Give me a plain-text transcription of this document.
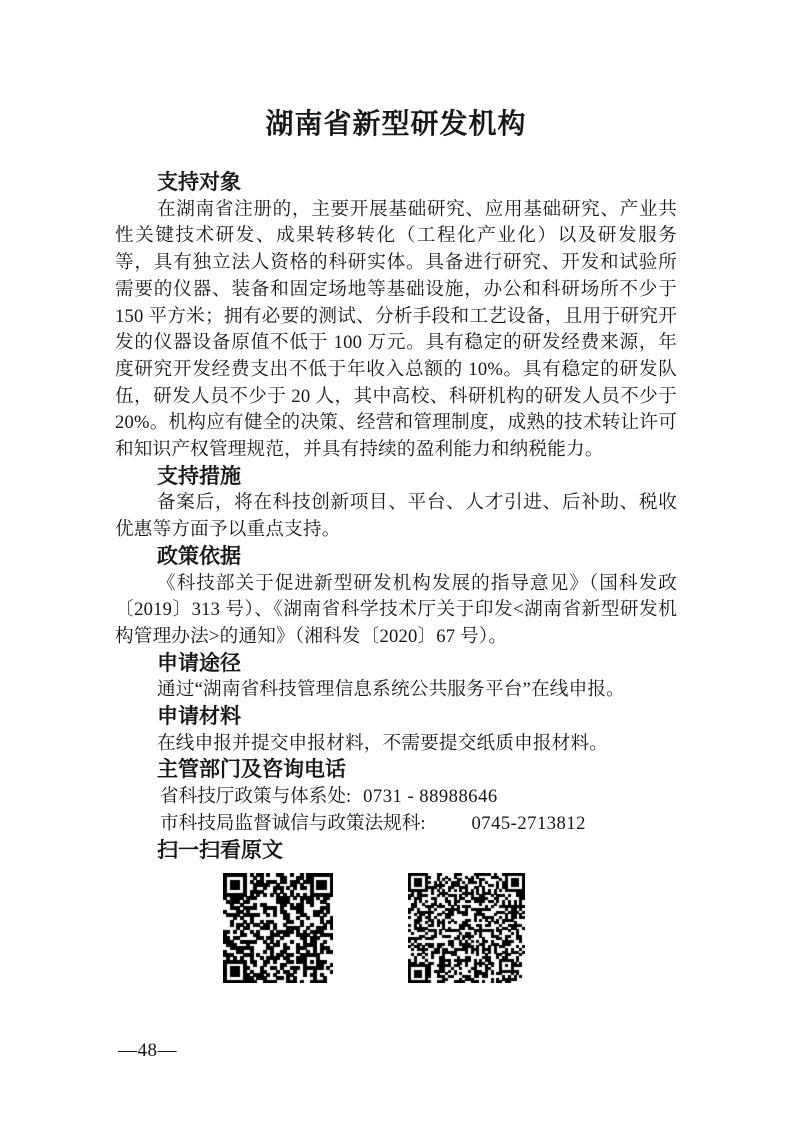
湖南省新型研发机构
支持对象

在湖南省注册的，主要开展基础研究、应用基础研究、产业共性关键技术研发、成果转移转化（工程化产业化）以及研发服务等，具有独立法人资格的科研实体。具备进行研究、开发和试验所需要的仪器、装备和固定场地等基础设施，办公和科研场所不少于 150 平方米；拥有必要的测试、分析手段和工艺设备，且用于研究开发的仪器设备原值不低于 100 万元。具有稳定的研发经费来源，年度研究开发经费支出不低于年收入总额的 10%。具有稳定的研发队伍，研发人员不少于 20 人，其中高校、科研机构的研发人员不少于 20%。机构应有健全的决策、经营和管理制度，成熟的技术转让许可和知识产权管理规范，并具有持续的盈利能力和纳税能力。

支持措施

备案后，将在科技创新项目、平台、人才引进、后补助、税收优惠等方面予以重点支持。

政策依据

《科技部关于促进新型研发机构发展的指导意见》（国科发政〔2019〕313 号）、《湖南省科学技术厅关于印发<湖南省新型研发机构管理办法>的通知》（湘科发〔2020〕67 号）。

申请途径

通过“湖南省科技管理信息系统公共服务平台”在线申报。

申请材料

在线申报并提交申报材料，不需要提交纸质申报材料。

主管部门及咨询电话

省科技厅政策与体系处: 0731 - 88988646

市科技局监督诚信与政策法规科: 0745-2713812

扫一扫看原文
—48—
